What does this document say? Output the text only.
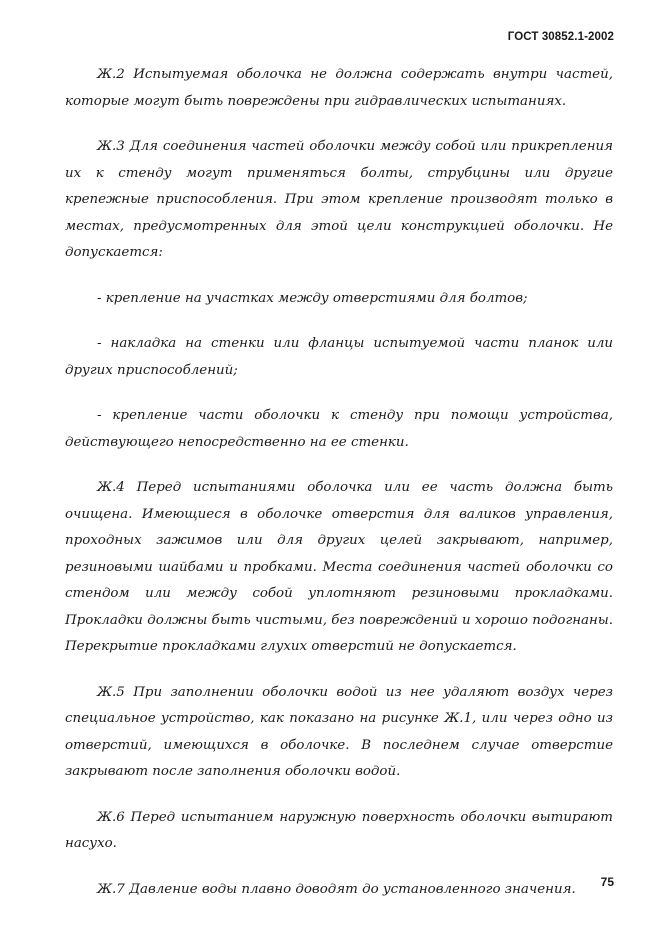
ГОСТ 30852.1-2002

Ж.2 Испытуемая оболочка не должна содержать внутри частей, которые могут быть повреждены при гидравлических испытаниях.

Ж.3 Для соединения частей оболочки между собой или прикрепления их к стенду могут применяться болты, струбцины или другие крепежные приспособления. При этом крепление производят только в местах, предусмотренных для этой цели конструкцией оболочки. Не допускается:

- крепление на участках между отверстиями для болтов;

- накладка на стенки или фланцы испытуемой части планок или других приспособлений;

- крепление части оболочки к стенду при помощи устройства, действующего непосредственно на ее стенки.

Ж.4 Перед испытаниями оболочка или ее часть должна быть очищена. Имеющиеся в оболочке отверстия для валиков управления, проходных зажимов или для других целей закрывают, например, резиновыми шайбами и пробками. Места соединения частей оболочки со стендом или между собой уплотняют резиновыми прокладками. Прокладки должны быть чистыми, без повреждений и хорошо подогнаны. Перекрытие прокладками глухих отверстий не допускается.

Ж.5 При заполнении оболочки водой из нее удаляют воздух через специальное устройство, как показано на рисунке Ж.1, или через одно из отверстий, имеющихся в оболочке. В последнем случае отверстие закрывают после заполнения оболочки водой.

Ж.6 Перед испытанием наружную поверхность оболочки вытирают насухо.

Ж.7 Давление воды плавно доводят до установленного значения.	75
